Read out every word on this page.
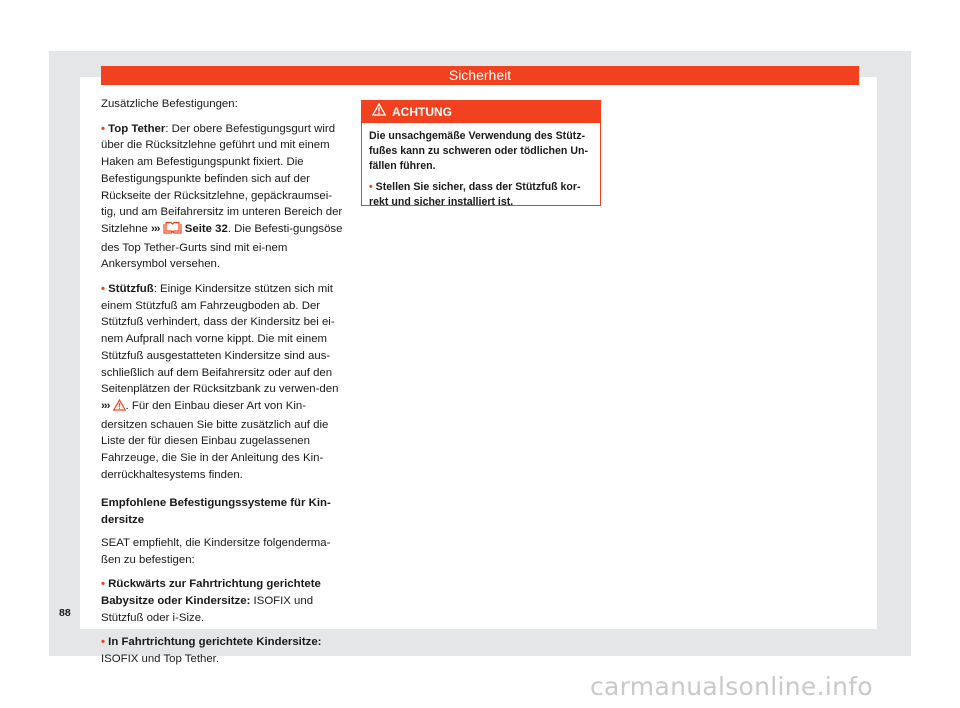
Sicherheit

Zusätzliche Befestigungen:

• Top Tether: Der obere Befestigungsgurt wird über die Rücksitzlehne geführt und mit einem Haken am Befestigungspunkt fixiert. Die Befestigungspunkte befinden sich auf der Rückseite der Rücksitzlehne, gepäckraumsei-tig, und am Beifahrersitz im unteren Bereich der Sitzlehne ››› Seite 32. Die Befesti-gungsöse des Top Tether-Gurts sind mit ei-nem Ankersymbol versehen.

• Stützfuß: Einige Kindersitze stützen sich mit einem Stützfuß am Fahrzeugboden ab. Der Stützfuß verhindert, dass der Kindersitz bei ei-nem Aufprall nach vorne kippt. Die mit einem Stützfuß ausgestatteten Kindersitze sind aus-schließlich auf dem Beifahrersitz oder auf den Seitenplätzen der Rücksitzbank zu verwen-den ››› . Für den Einbau dieser Art von Kin-dersitzen schauen Sie bitte zusätzlich auf die Liste der für diesen Einbau zugelassenen Fahrzeuge, die Sie in der Anleitung des Kin-derrückhaltesystems finden.

Empfohlene Befestigungssysteme für Kin-dersitze

SEAT empfiehlt, die Kindersitze folgenderma-ßen zu befestigen:

• Rückwärts zur Fahrtrichtung gerichtete Babysitze oder Kindersitze: ISOFIX und Stützfuß oder i-Size.

• In Fahrtrichtung gerichtete Kindersitze:
ISOFIX und Top Tether.

ACHTUNG

Die unsachgemäße Verwendung des Stütz-fußes kann zu schweren oder tödlichen Un-fällen führen.

• Stellen Sie sicher, dass der Stützfuß kor-rekt und sicher installiert ist.

88
carmanualsonline.info
